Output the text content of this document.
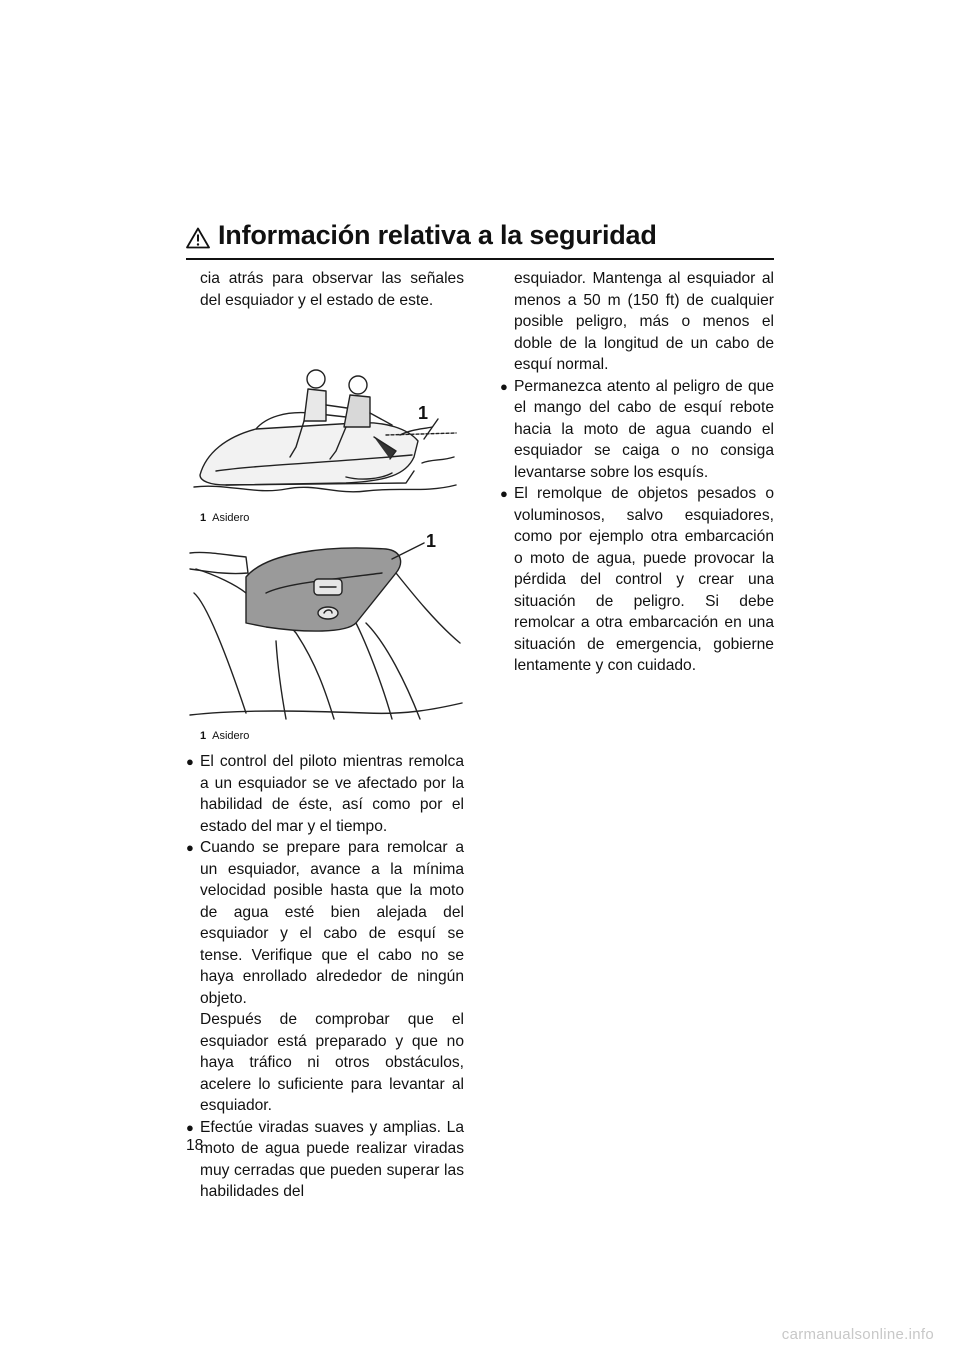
Información relativa a la seguridad

cia atrás para observar las señales del esquiador y el estado de este.

1
1 Asidero
1
1 Asidero

● El control del piloto mientras remolca a un esquiador se ve afectado por la habilidad de éste, así como por el estado del mar y el tiempo.

● Cuando se prepare para remolcar a un esquiador, avance a la mínima velocidad posible hasta que la moto de agua esté bien alejada del esquiador y el cabo de esquí se tense. Verifique que el cabo no se haya enrollado alrededor de ningún objeto.

Después de comprobar que el esquiador está preparado y que no haya tráfico ni otros obstáculos, acelere lo suficiente para levantar al esquiador.

● Efectúe viradas suaves y amplias. La moto de agua puede realizar viradas muy cerradas que pueden superar las habilidades del

esquiador. Mantenga al esquiador al menos a 50 m (150 ft) de cualquier posible peligro, más o menos el doble de la longitud de un cabo de esquí normal.

● Permanezca atento al peligro de que el mango del cabo de esquí rebote hacia la moto de agua cuando el esquiador se caiga o no consiga levantarse sobre los esquís.

● El remolque de objetos pesados o voluminosos, salvo esquiadores, como por ejemplo otra embarcación o moto de agua, puede provocar la pérdida del control y crear una situación de peligro. Si debe remolcar a otra embarcación en una situación de emergencia, gobierne lentamente y con cuidado.

18
carmanualsonline.info
